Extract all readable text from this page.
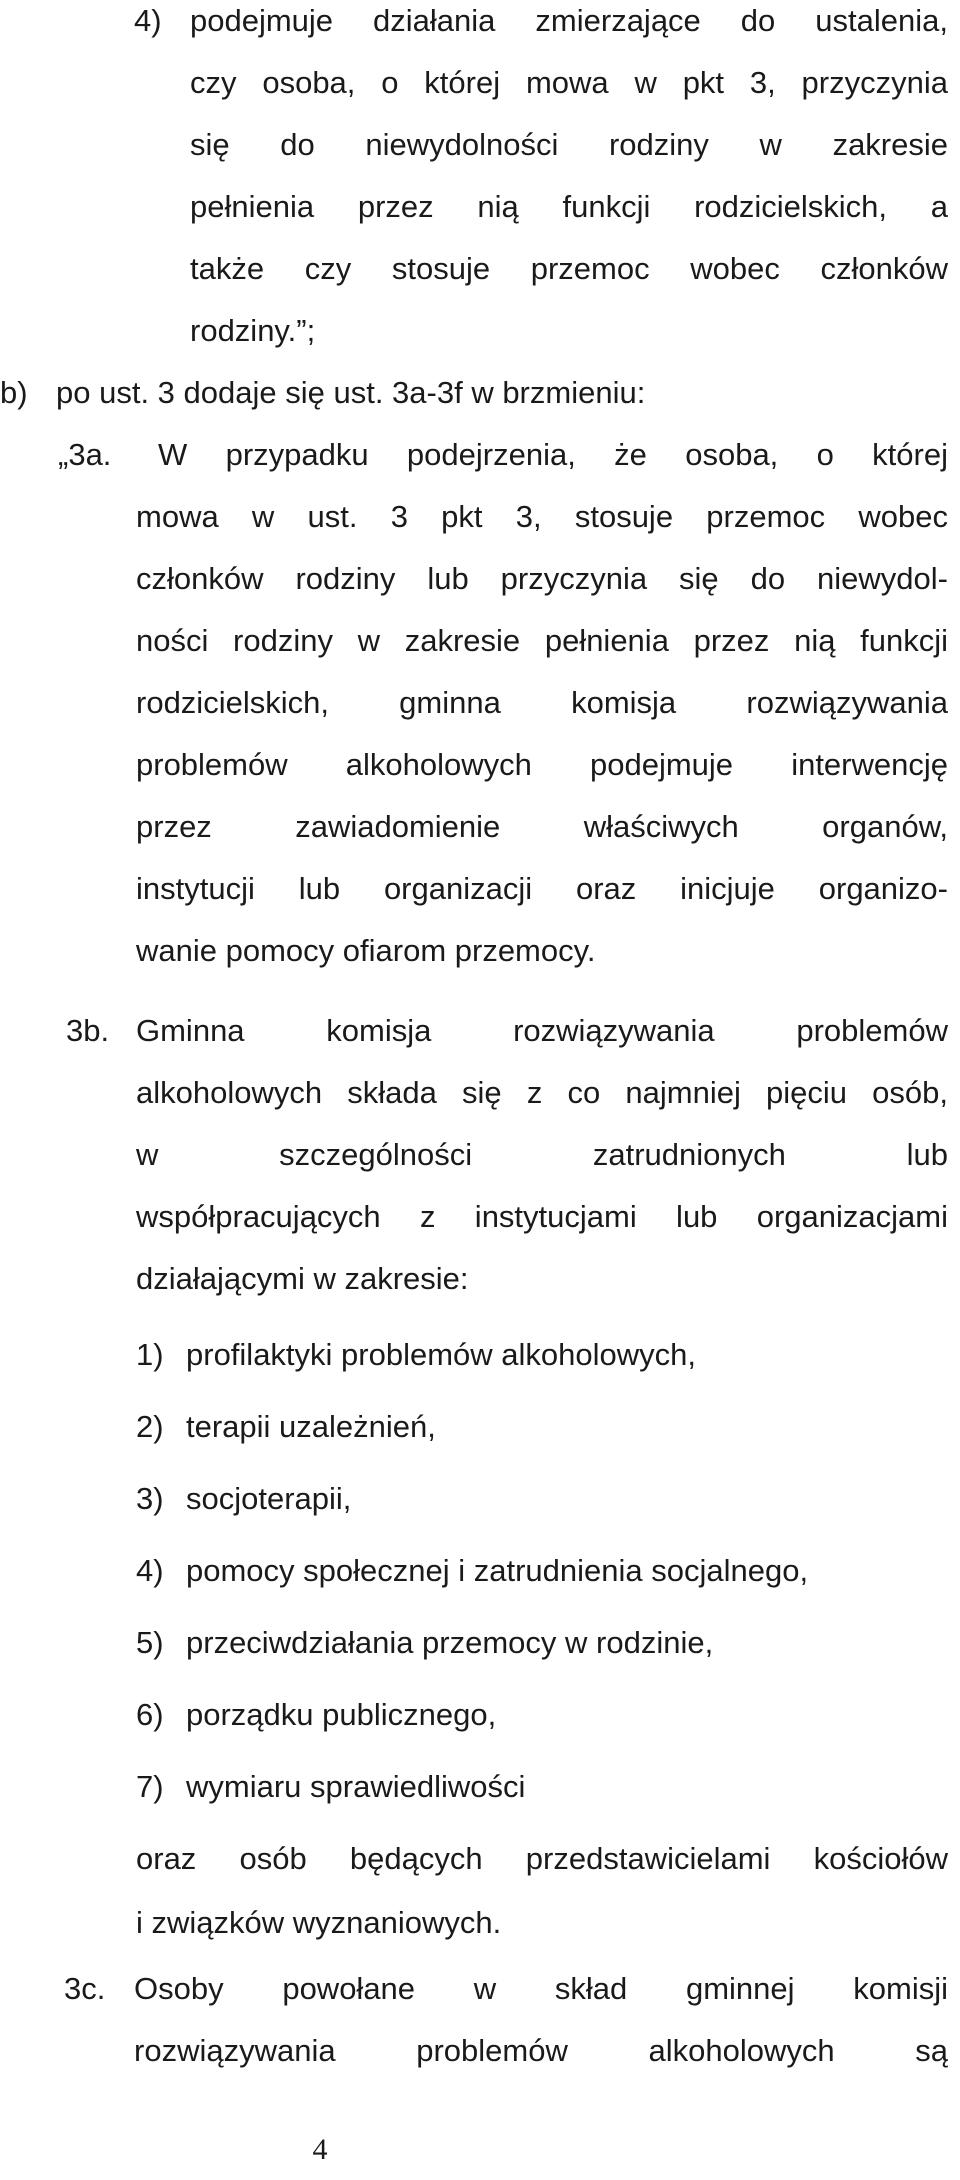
4) podejmuje działania zmierzające do ustalenia,
czy osoba, o której mowa w pkt 3, przyczynia
się do niewydolności rodziny w zakresie
pełnienia przez nią funkcji rodzicielskich, a
także czy stosuje przemoc wobec członków
rodziny.”;
b) po ust. 3 dodaje się ust. 3a-3f w brzmieniu:
„3a. W przypadku podejrzenia, że osoba, o której
mowa w ust. 3 pkt 3, stosuje przemoc wobec
członków rodziny lub przyczynia się do niewydol-
ności rodziny w zakresie pełnienia przez nią funkcji
rodzicielskich, gminna komisja rozwiązywania
problemów alkoholowych podejmuje interwencję
przez zawiadomienie właściwych organów,
instytucji lub organizacji oraz inicjuje organizo-
wanie pomocy ofiarom przemocy.
3b. Gminna komisja rozwiązywania problemów
alkoholowych składa się z co najmniej pięciu osób,
w szczególności zatrudnionych lub
współpracujących z instytucjami lub organizacjami
działającymi w zakresie:
1) profilaktyki problemów alkoholowych,
2) terapii uzależnień,
3) socjoterapii,
4) pomocy społecznej i zatrudnienia socjalnego,
5) przeciwdziałania przemocy w rodzinie,
6) porządku publicznego,
7) wymiaru sprawiedliwości
oraz osób będących przedstawicielami kościołów
i związków wyznaniowych.
3c. Osoby powołane w skład gminnej komisji
rozwiązywania problemów alkoholowych są
4
